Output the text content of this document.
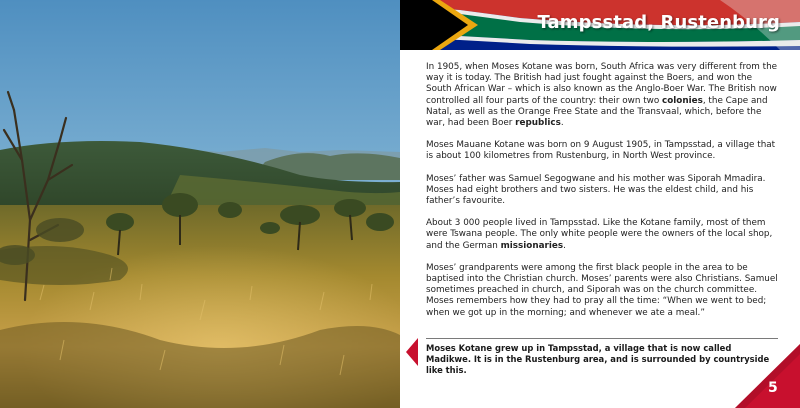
Tampsstad, Rustenburg

In 1905, when Moses Kotane was born, South Africa was very different from the way it is today. The British had just fought against the Boers, and won the South African War – which is also known as the Anglo-Boer War. The British now controlled all four parts of the country: their own two colonies, the Cape and Natal, as well as the Orange Free State and the Transvaal, which, before the war, had been Boer republics.

Moses Mauane Kotane was born on 9 August 1905, in Tampsstad, a village that is about 100 kilometres from Rustenburg, in North West province.

Moses’ father was Samuel Segogwane and his mother was Siporah Mmadira. Moses had eight brothers and two sisters. He was the eldest child, and his father’s favourite.

About 3 000 people lived in Tampsstad. Like the Kotane family, most of them were Tswana people. The only white people were the owners of the local shop, and the German missionaries.

Moses’ grandparents were among the first black people in the area to be baptised into the Christian church. Moses’ parents were also Christians. Samuel sometimes preached in church, and Siporah was on the church committee. Moses remembers how they had to pray all the time: “When we went to bed; when we got up in the morning; and whenever we ate a meal.”

Moses Kotane grew up in Tampsstad, a village that is now called Madikwe. It is in the Rustenburg area, and is surrounded by countryside like this.

5
